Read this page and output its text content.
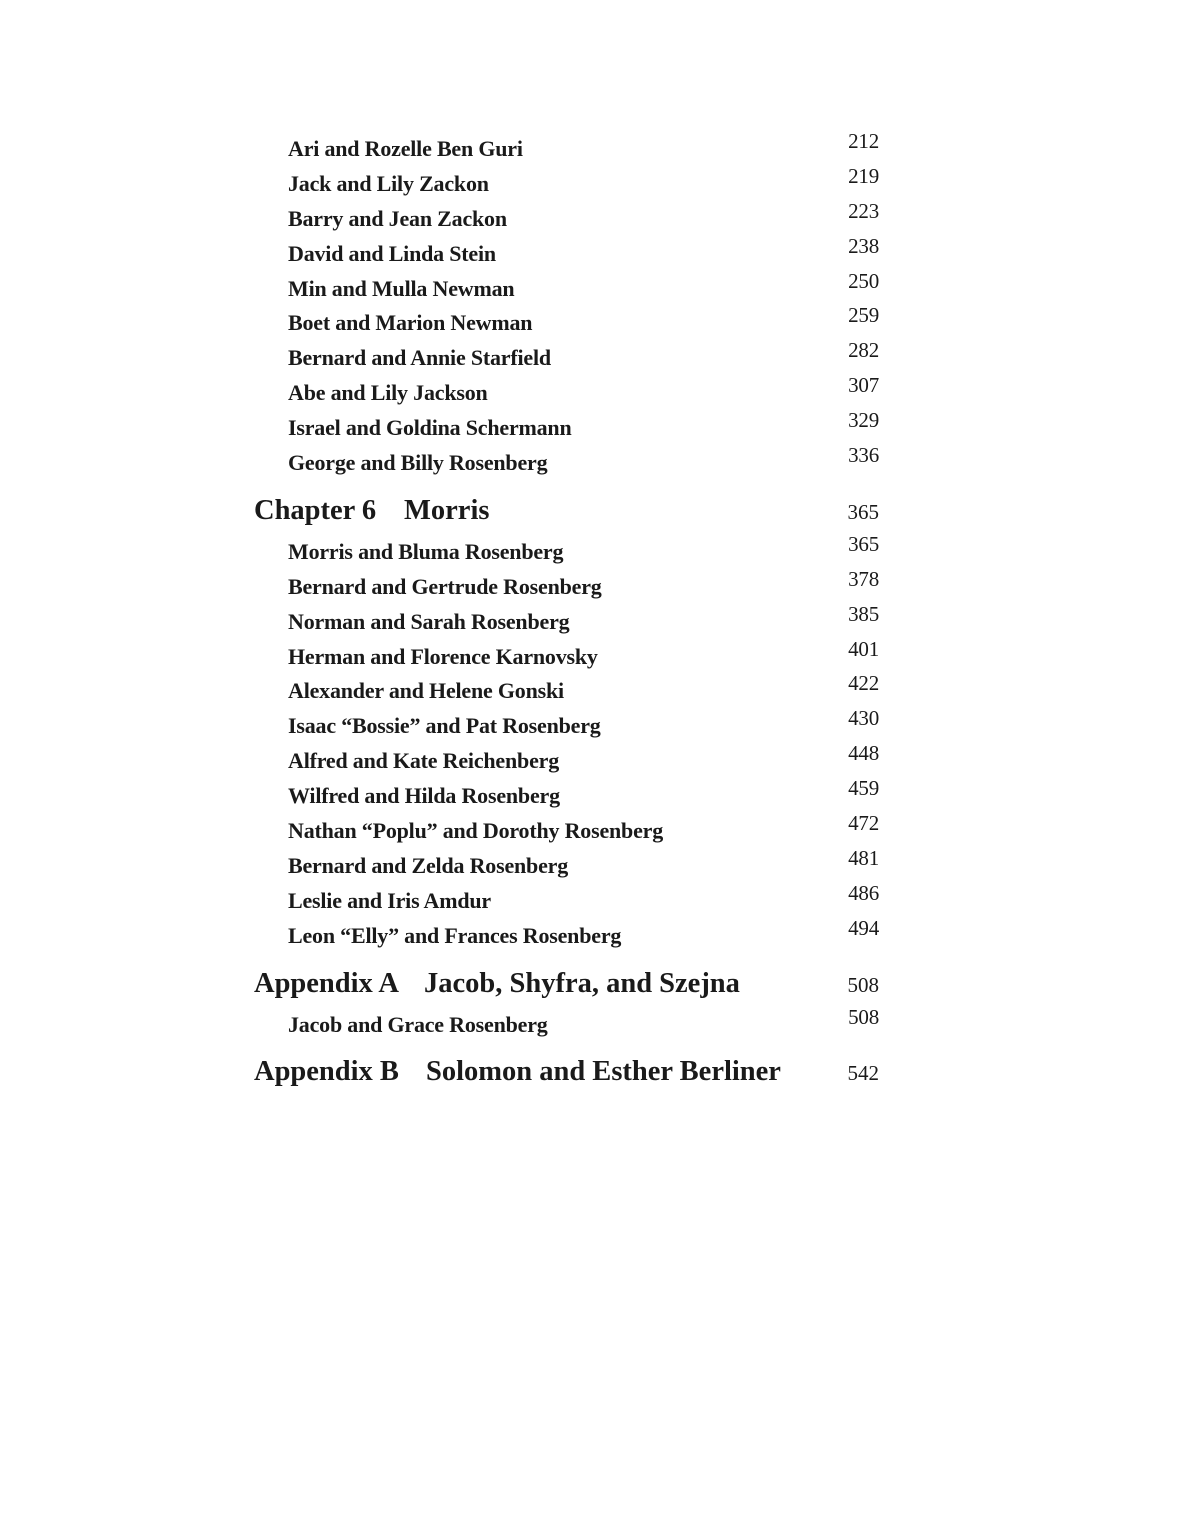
Ari and Rozelle Ben Guri	212
Jack and Lily Zackon	219
Barry and Jean Zackon	223
David and Linda Stein	238
Min and Mulla Newman	250
Boet and Marion Newman	259
Bernard and Annie Starfield	282
Abe and Lily Jackson	307
Israel and Goldina Schermann	329
George and Billy Rosenberg	336
Chapter 6 Morris	365
Morris and Bluma Rosenberg	365
Bernard and Gertrude Rosenberg	378
Norman and Sarah Rosenberg	385
Herman and Florence Karnovsky	401
Alexander and Helene Gonski	422
Isaac “Bossie” and Pat Rosenberg	430
Alfred and Kate Reichenberg	448
Wilfred and Hilda Rosenberg	459
Nathan “Poplu” and Dorothy Rosenberg	472
Bernard and Zelda Rosenberg	481
Leslie and Iris Amdur	486
Leon “Elly” and Frances Rosenberg	494
Appendix A Jacob, Shyfra, and Szejna	508
Jacob and Grace Rosenberg	508
Appendix B Solomon and Esther Berliner	542
